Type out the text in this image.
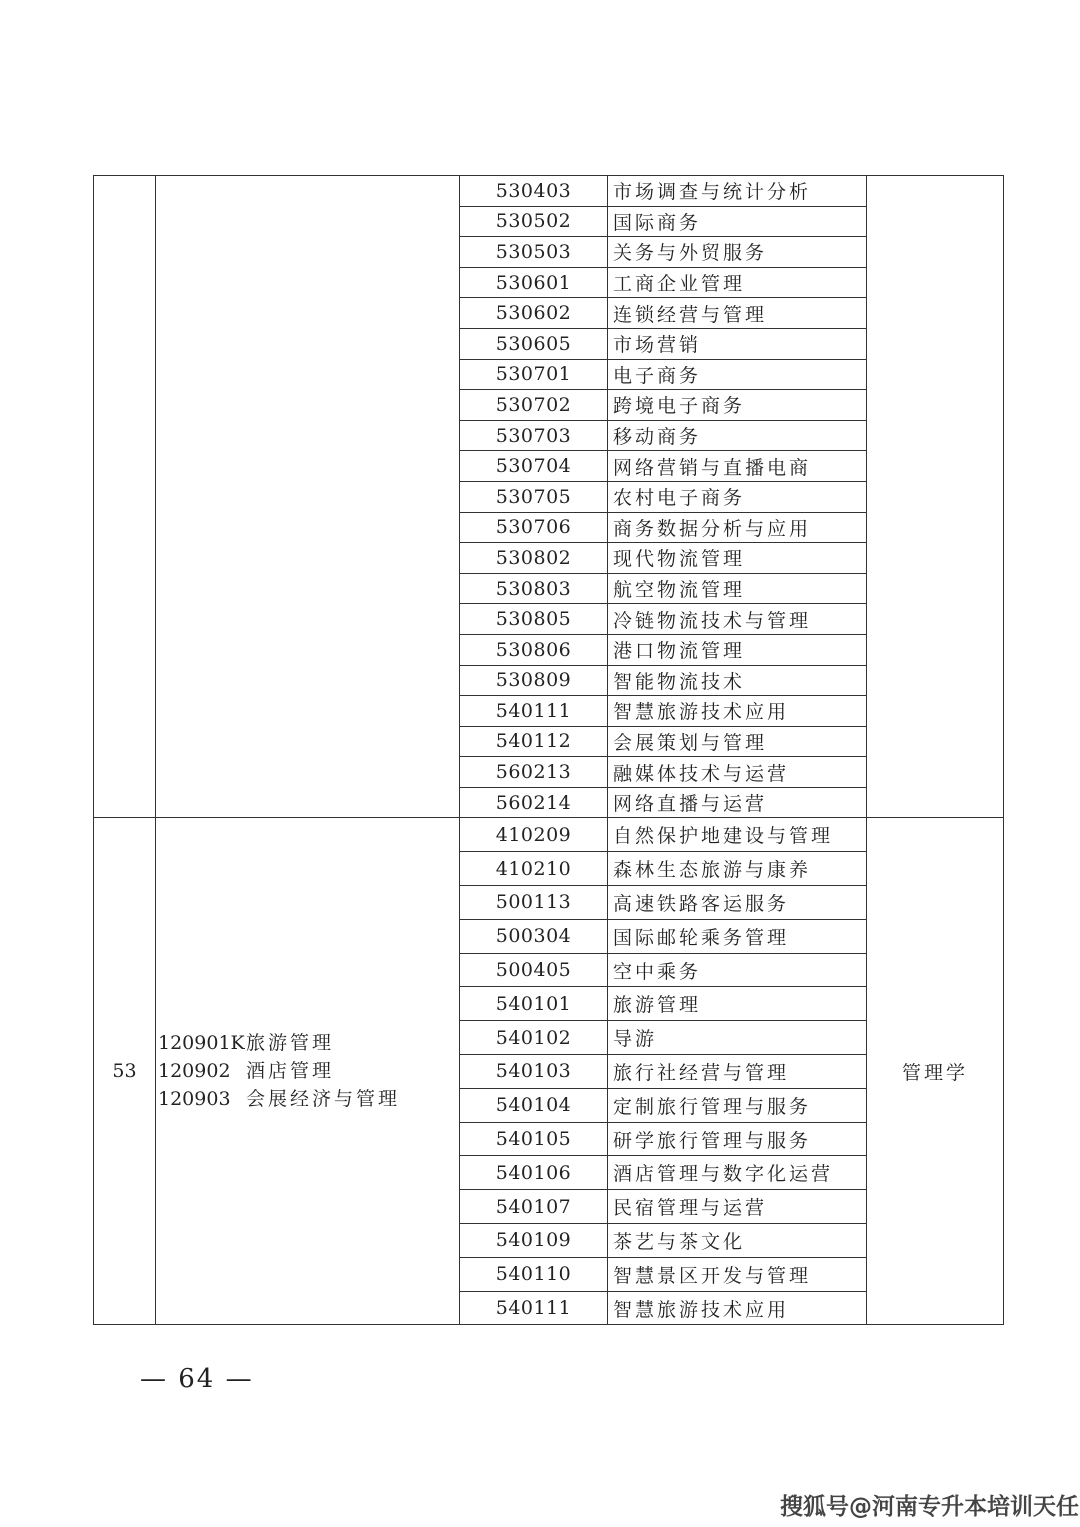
		530403	市场调查与统计分析	
		530502	国际商务	
		530503	关务与外贸服务	
		530601	工商企业管理	
		530602	连锁经营与管理	
		530605	市场营销	
		530701	电子商务	
		530702	跨境电子商务	
		530703	移动商务	
		530704	网络营销与直播电商	
		530705	农村电子商务	
		530706	商务数据分析与应用	
		530802	现代物流管理	
		530803	航空物流管理	
		530805	冷链物流技术与管理	
		530806	港口物流管理	
		530809	智能物流技术	
		540111	智慧旅游技术应用	
		540112	会展策划与管理	
		560213	融媒体技术与运营	
		560214	网络直播与运营	
53	120901K旅游管理
120902 酒店管理
120903 会展经济与管理	410209	自然保护地建设与管理	管理学
		410210	森林生态旅游与康养	
		500113	高速铁路客运服务	
		500304	国际邮轮乘务管理	
		500405	空中乘务	
		540101	旅游管理	
		540102	导游	
		540103	旅行社经营与管理	
		540104	定制旅行管理与服务	
		540105	研学旅行管理与服务	
		540106	酒店管理与数字化运营	
		540107	民宿管理与运营	
		540109	茶艺与茶文化	
		540110	智慧景区开发与管理	
		540111	智慧旅游技术应用	
— 64 —
搜狐号@河南专升本培训天任
